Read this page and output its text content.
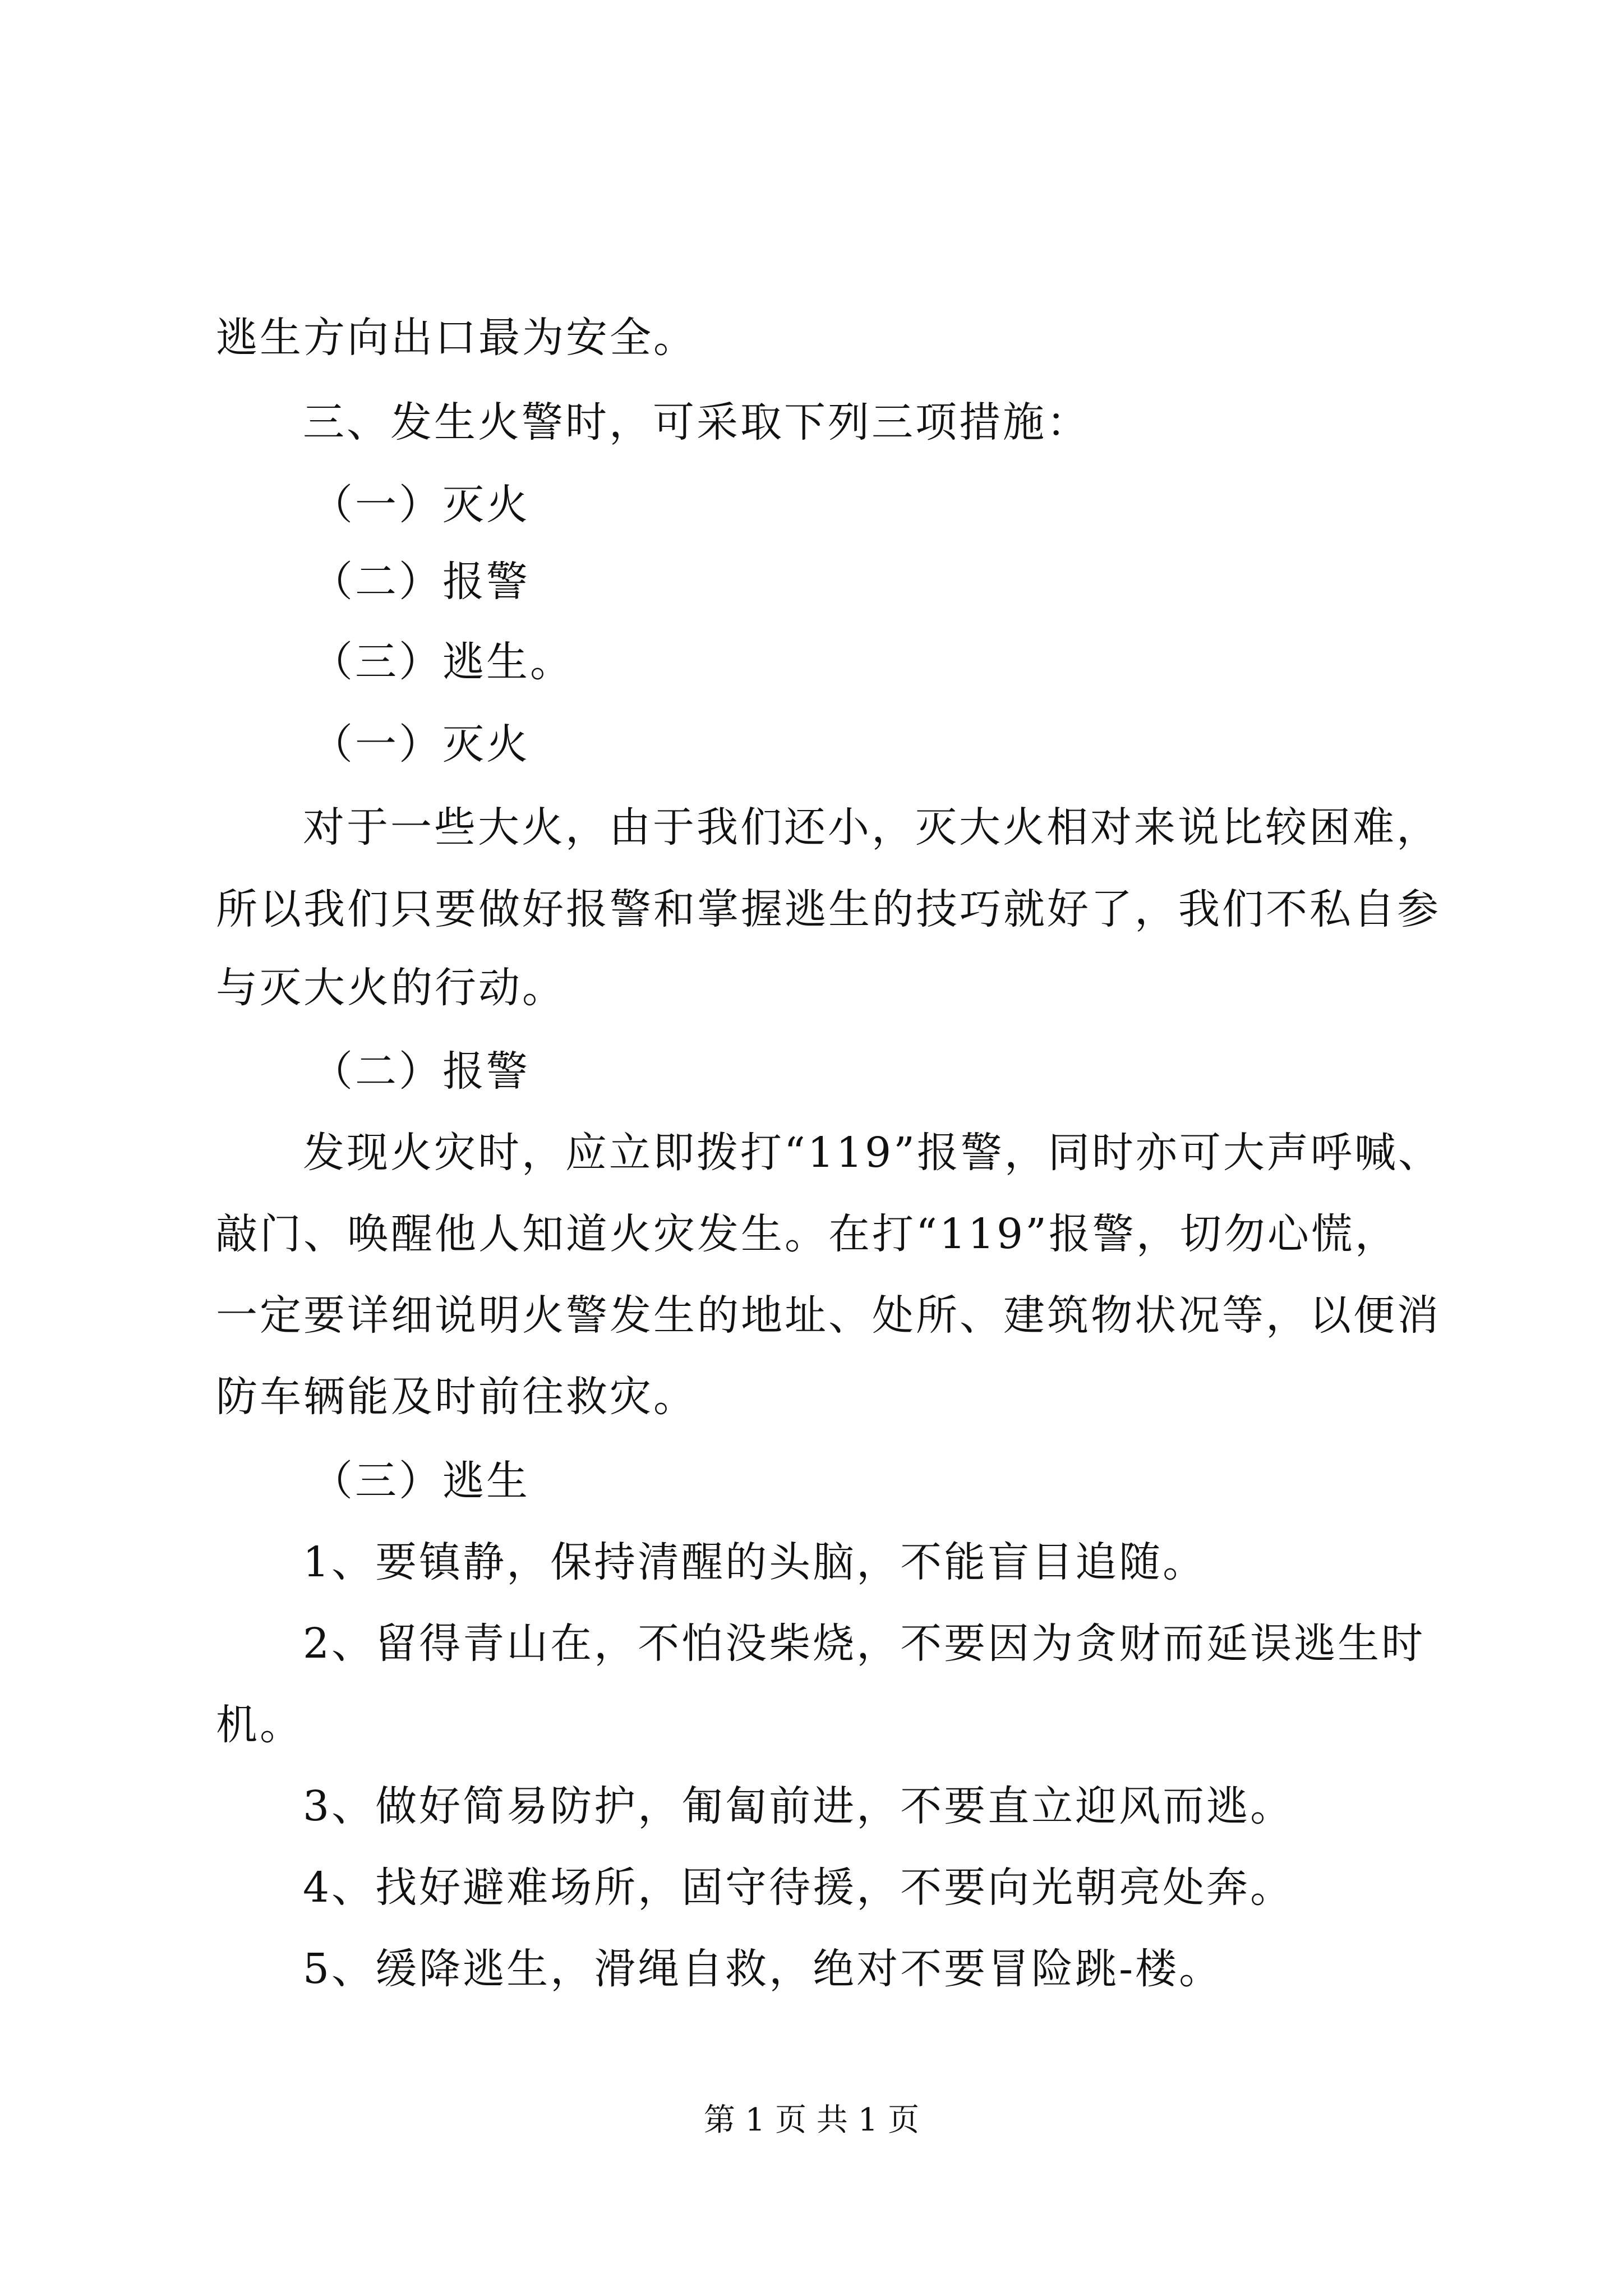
逃生方向出口最为安全。
三、发生火警时，可采取下列三项措施：
（一）灭火
（二）报警
（三）逃生。
（一）灭火
对于一些大火，由于我们还小，灭大火相对来说比较困难，
所以我们只要做好报警和掌握逃生的技巧就好了，我们不私自参
与灭大火的行动。
（二）报警
发现火灾时，应立即拨打“119”报警，同时亦可大声呼喊、
敲门、唤醒他人知道火灾发生。在打“119”报警，切勿心慌，
一定要详细说明火警发生的地址、处所、建筑物状况等，以便消
防车辆能及时前往救灾。
（三）逃生
1、要镇静，保持清醒的头脑，不能盲目追随。
2、留得青山在，不怕没柴烧，不要因为贪财而延误逃生时
机。
3、做好简易防护，匍匐前进，不要直立迎风而逃。
4、找好避难场所，固守待援，不要向光朝亮处奔。
5、缓降逃生，滑绳自救，绝对不要冒险跳-楼。
第 1 页 共 1 页
